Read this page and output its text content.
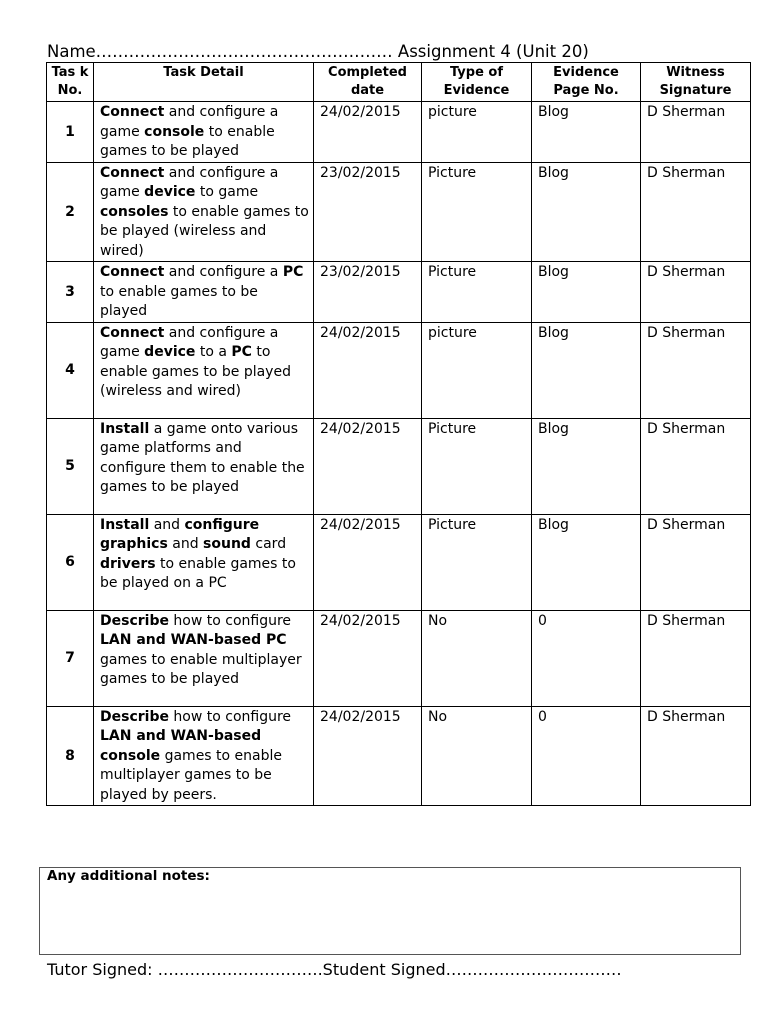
Name……………………………………………… Assignment 4 (Unit 20)
Tas k No.	Task Detail	Completed date	Type of Evidence	Evidence Page No.	Witness Signature
1	Connect and configure a game console to enable games to be played	24/02/2015	picture	Blog	D Sherman
2	Connect and configure a game device to game consoles to enable games to be played (wireless and wired)	23/02/2015	Picture	Blog	D Sherman
3	Connect and configure a PC to enable games to be played	23/02/2015	Picture	Blog	D Sherman
4	Connect and configure a game device to a PC to enable games to be played (wireless and wired)	24/02/2015	picture	Blog	D Sherman
5	Install a game onto various game platforms and configure them to enable the games to be played	24/02/2015	Picture	Blog	D Sherman
6	Install and configure graphics and sound card drivers to enable games to be played on a PC	24/02/2015	Picture	Blog	D Sherman
7	Describe how to configure LAN and WAN-based PC games to enable multiplayer games to be played	24/02/2015	No	0	D Sherman
8	Describe how to configure LAN and WAN-based console games to enable multiplayer games to be played by peers.	24/02/2015	No	0	D Sherman
Any additional notes:
Tutor Signed: ………………………….Student Signed……………………………
